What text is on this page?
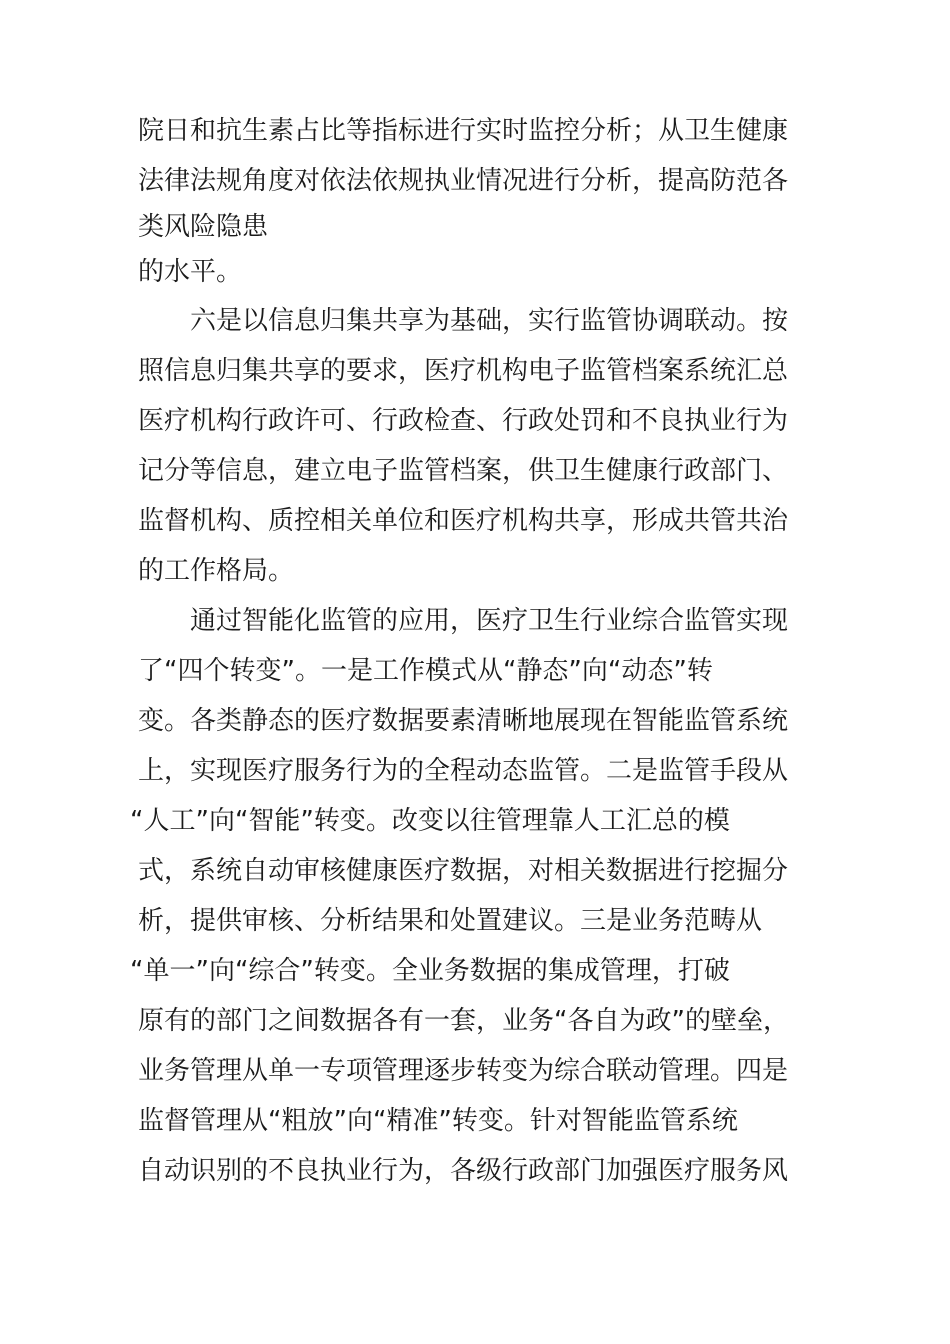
院日和抗生素占比等指标进行实时监控分析；从卫生健康
法律法规角度对依法依规执业情况进行分析，提高防范各
类风险隐患
的水平。
六是以信息归集共享为基础，实行监管协调联动。按
照信息归集共享的要求，医疗机构电子监管档案系统汇总
医疗机构行政许可、行政检查、行政处罚和不良执业行为
记分等信息，建立电子监管档案，供卫生健康行政部门、
监督机构、质控相关单位和医疗机构共享，形成共管共治
的工作格局。
通过智能化监管的应用，医疗卫生行业综合监管实现
了“四个转变”。一是工作模式从“静态”向“动态”转
变。各类静态的医疗数据要素清晰地展现在智能监管系统
上，实现医疗服务行为的全程动态监管。二是监管手段从
“人工”向“智能”转变。改变以往管理靠人工汇总的模
式，系统自动审核健康医疗数据，对相关数据进行挖掘分
析，提供审核、分析结果和处置建议。三是业务范畴从
“单一”向“综合”转变。全业务数据的集成管理，打破
原有的部门之间数据各有一套，业务“各自为政”的壁垒，
业务管理从单一专项管理逐步转变为综合联动管理。四是
监督管理从“粗放”向“精准”转变。针对智能监管系统
自动识别的不良执业行为，各级行政部门加强医疗服务风
